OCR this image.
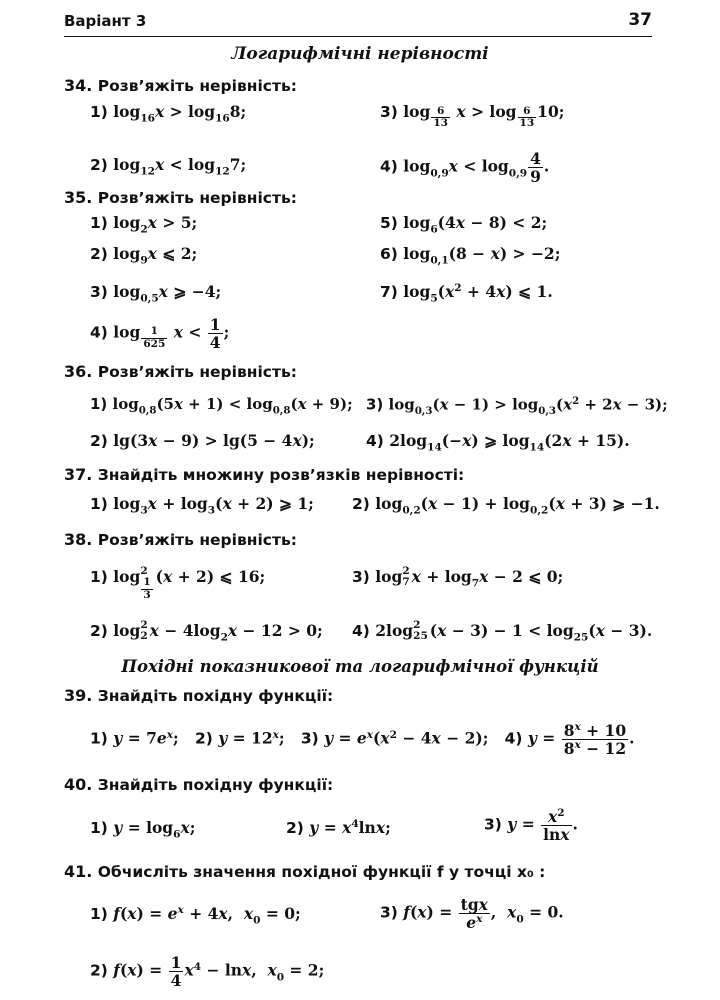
Варіант 3	37
Логарифмічні нерівності
34. Розв’яжіть нерівність:
1) $\log_{16}x > \log_{16}8$;	3) $\log \frac{6}{13}$ $x > \log \frac{6}{13} 10$;
2) $\log_{12}x < \log_{12}7$;	4) $\log_{0,9}x < \log_{0,9} \frac{4}{9}$ .
35. Розв’яжіть нерівність:
1) $\log_2x > 5$;	5) $\log_6(4x - 8) < 2$;
2) $\log_9x$ ⩽ 2;	6) $\log_{0,1}(8 - x) > -2$;
3) $\log_{0,5}x$ ⩾ −4;	7) $\log_5(x^2 + 4x)$ ⩽ 1.
4) $\log \frac{1}{625}$ $x < \frac{1}{4}$ ;
36. Розв’яжіть нерівність:
1) $\log_{0,8}(5x + 1) < \log_{0,8}(x + 9)$; 3) $\log_{0,3}(x - 1) > \log_{0,3}(x^2 + 2x - 3)$;
2) lg(3x − 9) > lg(5 − 4x);	4) $2\log_{14}(-x)$ ⩾ $\log_{14}(2x + 15)$.
37. Знайдіть множину розв’язків нерівності:
1) $\log_3x + \log_3(x + 2)$ ⩾ 1; 2) $\log_{0,2}(x - 1) + \log_{0,2}(x + 3)$ ⩾ −1.
38. Розв’яжіть нерівність:
1) log 2
$\frac{1}{3}$
(x + 2) ⩽ 16;	3) log 2
7 $x + \log_7x - 2$ ⩽ 0;
2) log 2
2 $x - 4\log_2x - 12 > 0$; 4) 2log 2
25 $(x - 3) - 1 < \log_{25}(x - 3)$.
Похідні показникової та логарифмічної функцій
39. Знайдіть похідну функції:
1) $y = 7e^x$;   2) $y = 12^x$;   3) $y = e^x(x^2 - 4x - 2)$;   4) $y = \frac{8^x + 10}{8^x - 12}$ .
40. Знайдіть похідну функції:
1) $y = \log_6x$;	2) $y = x^4\ln x$;	3) $y = \frac{x^2}{\ln x}$ .
41. Обчисліть значення похідної функції f у точці x₀ :
1) $f(x) = e^x + 4x$,  $x_0 = 0$;	3) $f(x) = \frac{\text{tgx}}{e^x}$ ,  $x_0 = 0$.
2) $f(x) = \frac{1}{4} x^4 - \ln x$,  $x_0 = 2$;
